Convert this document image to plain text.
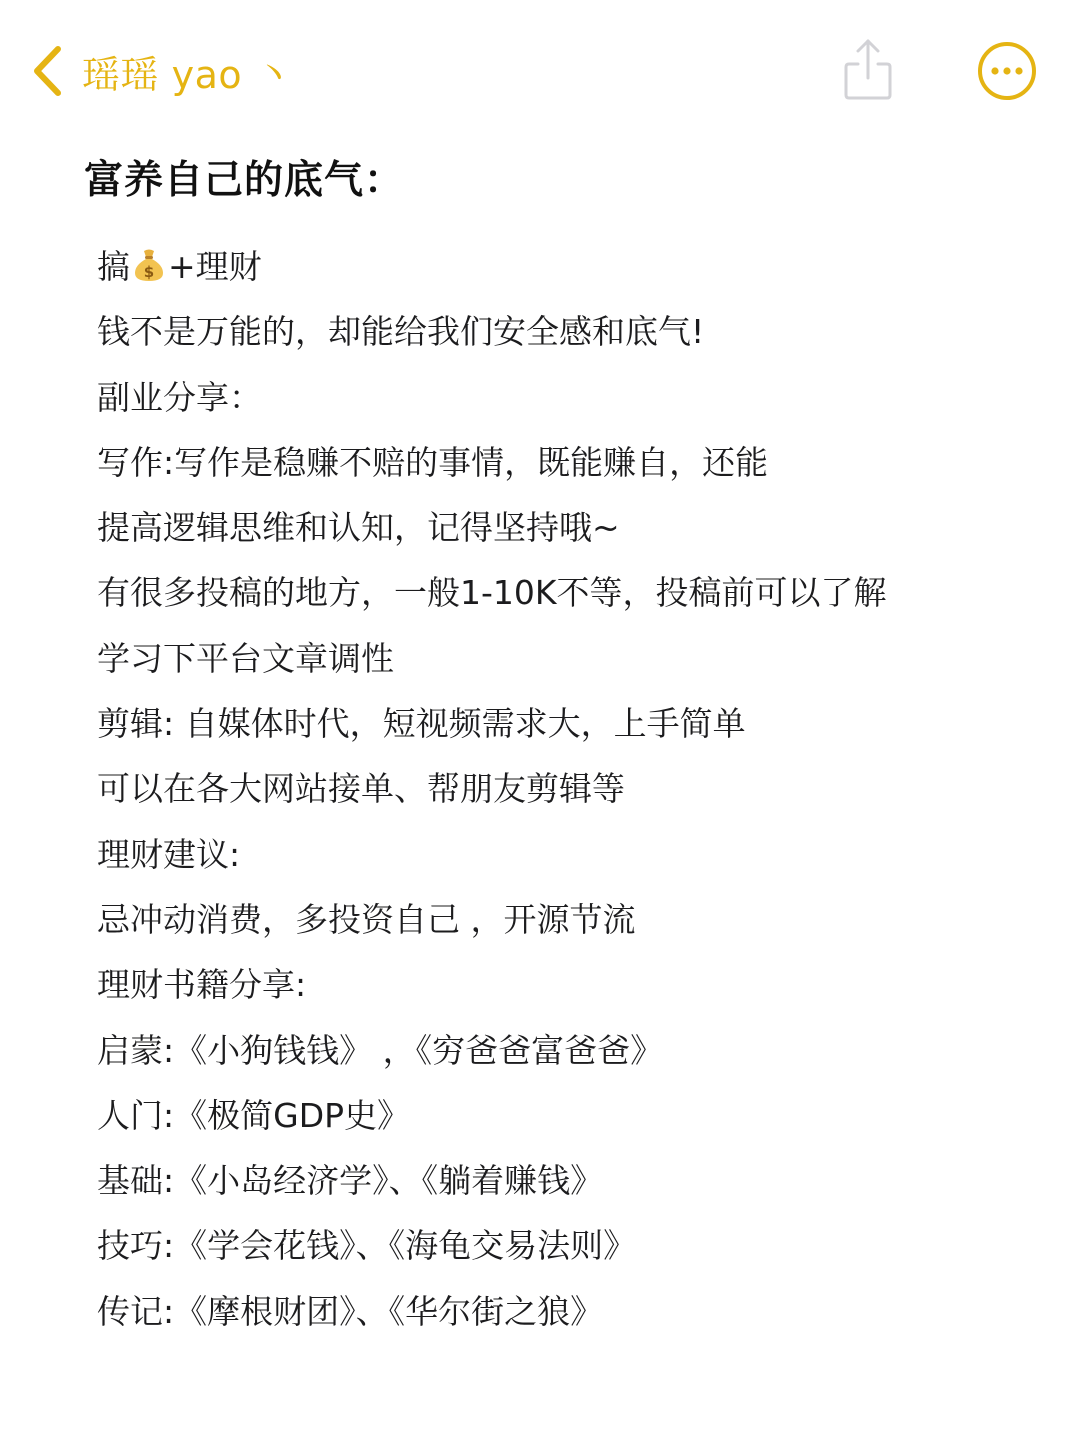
瑶瑶 yao 丶
富养自己的底气：
搞 $ +理财
钱不是万能的，却能给我们安全感和底气!
副业分享：
写作:写作是稳赚不赔的事情，既能赚自，还能
提高逻辑思维和认知，记得坚持哦~
有很多投稿的地方，一般1-10K不等，投稿前可以了解
学习下平台文章调性
剪辑: 自媒体时代，短视频需求大，上手简单
可以在各大网站接单、帮朋友剪辑等
理财建议:
忌冲动消费，多投资自己 ，开源节流
理财书籍分享:
启蒙:《小狗钱钱》 ，《穷爸爸富爸爸》
人门:《极简GDP史》
基础:《小岛经济学》、《躺着赚钱》
技巧:《学会花钱》、《海龟交易法则》
传记:《摩根财团》、《华尔街之狼》
